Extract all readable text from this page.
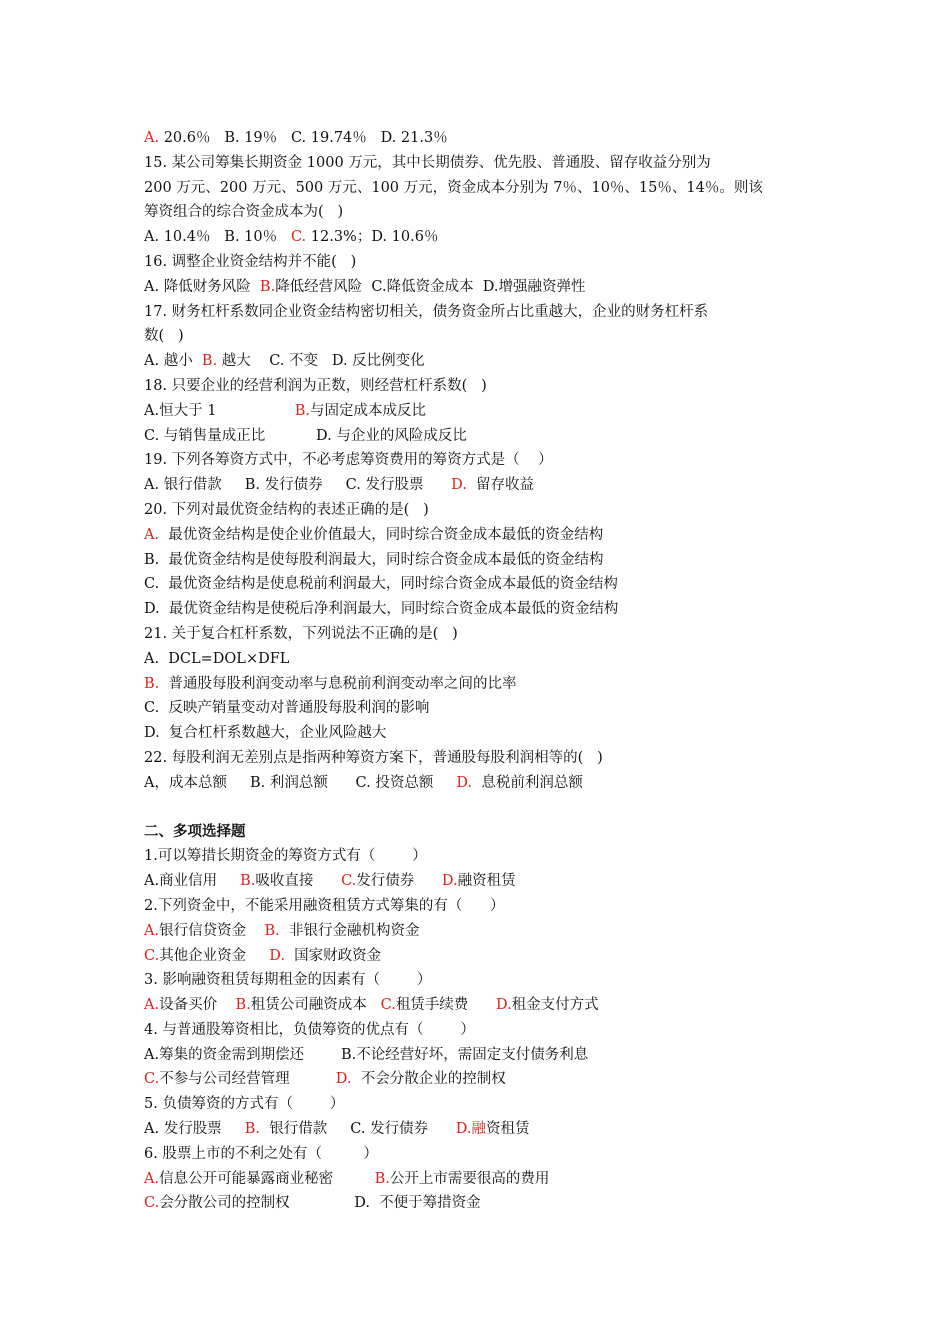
A. 20.6％   B. 19％   C. 19.74％   D. 21.3％
15. 某公司筹集长期资金 1000 万元，其中长期债券、优先股、普通股、留存收益分别为
200 万元、200 万元、500 万元、100 万元，资金成本分别为 7％、10％、15％、14％。则该
筹资组合的综合资金成本为(   )
A. 10.4％   B. 10％   C. 12.3%；D. 10.6％
16. 调整企业资金结构并不能(   )
A. 降低财务风险  B.降低经营风险  C.降低资金成本  D.增强融资弹性
17. 财务杠杆系数同企业资金结构密切相关，债务资金所占比重越大，企业的财务杠杆系
数(   )
A. 越小  B. 越大    C. 不变   D. 反比例变化
18. 只要企业的经营利润为正数，则经营杠杆系数(   )
A.恒大于 1                 B.与固定成本成反比
C. 与销售量成正比           D. 与企业的风险成反比
19. 下列各筹资方式中，不必考虑筹资费用的筹资方式是（    ）
A. 银行借款     B. 发行债券     C. 发行股票      D.  留存收益
20. 下列对最优资金结构的表述正确的是(   )
A.  最优资金结构是使企业价值最大，同时综合资金成本最低的资金结构
B.  最优资金结构是使每股利润最大，同时综合资金成本最低的资金结构
C.  最优资金结构是使息税前利润最大，同时综合资金成本最低的资金结构
D.  最优资金结构是使税后净利润最大，同时综合资金成本最低的资金结构
21. 关于复合杠杆系数，下列说法不正确的是(   )
A.  DCL=DOL×DFL
B.  普通股每股利润变动率与息税前利润变动率之间的比率
C.  反映产销量变动对普通股每股利润的影响
D.  复合杠杆系数越大，企业风险越大
22. 每股利润无差别点是指两种筹资方案下，普通股每股利润相等的(   )
A，成本总额     B. 利润总额      C. 投资总额     D.  息税前利润总额
二、多项选择题
1.可以筹措长期资金的筹资方式有（        ）
A.商业信用     B.吸收直接      C.发行债券      D.融资租赁
2.下列资金中，不能采用融资租赁方式筹集的有（      ）
A.银行信贷资金    B.  非银行金融机构资金
C.其他企业资金     D.  国家财政资金
3. 影响融资租赁每期租金的因素有（        ）
A.设备买价    B.租赁公司融资成本   C.租赁手续费      D.租金支付方式
4. 与普通股筹资相比，负债筹资的优点有（        ）
A.筹集的资金需到期偿还        B.不论经营好坏，需固定支付债务利息
C.不参与公司经营管理          D.  不会分散企业的控制权
5. 负债筹资的方式有（        ）
A. 发行股票     B.  银行借款     C. 发行债券      D.融资租赁
6. 股票上市的不利之处有（         ）
A.信息公开可能暴露商业秘密         B.公开上市需要很高的费用
C.会分散公司的控制权              D.  不便于筹措资金
